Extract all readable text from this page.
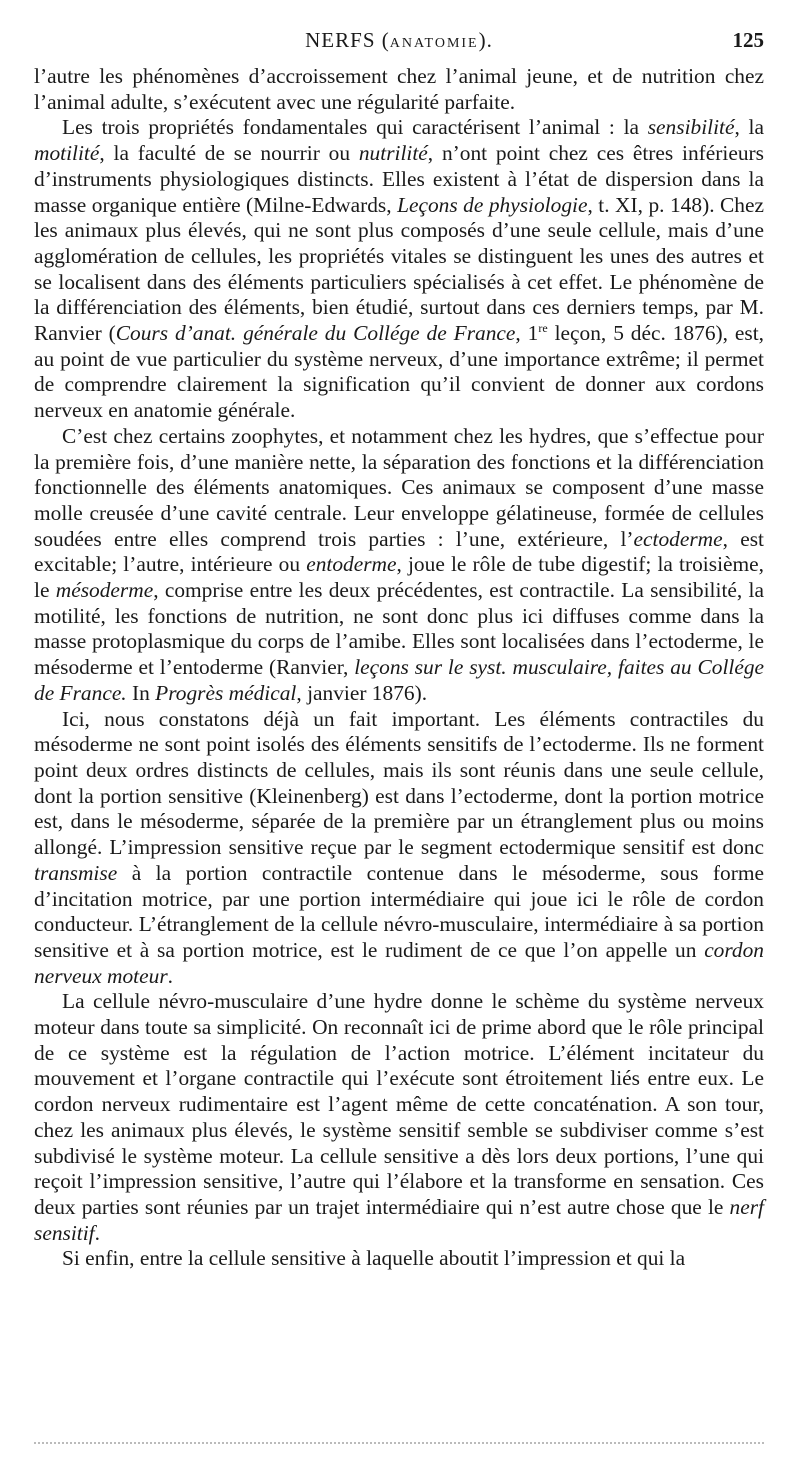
NERFS (ANATOMIE).	125

l’autre les phénomènes d’accroissement chez l’animal jeune, et de nutrition chez l’animal adulte, s’exécutent avec une régularité parfaite.

Les trois propriétés fondamentales qui caractérisent l’animal : la sensibilité, la motilité, la faculté de se nourrir ou nutrilité, n’ont point chez ces êtres inférieurs d’instruments physiologiques distincts. Elles existent à l’état de dispersion dans la masse organique entière (Milne-Edwards, Leçons de physiologie, t. XI, p. 148). Chez les animaux plus élevés, qui ne sont plus composés d’une seule cellule, mais d’une agglomération de cellules, les propriétés vitales se distinguent les unes des autres et se localisent dans des éléments particuliers spécialisés à cet effet. Le phénomène de la différenciation des éléments, bien étudié, surtout dans ces derniers temps, par M. Ranvier (Cours d’anat. générale du Collége de France, 1re leçon, 5 déc. 1876), est, au point de vue particulier du système nerveux, d’une importance extrême; il permet de comprendre clairement la signification qu’il convient de donner aux cordons nerveux en anatomie générale.

C’est chez certains zoophytes, et notamment chez les hydres, que s’effectue pour la première fois, d’une manière nette, la séparation des fonctions et la différenciation fonctionnelle des éléments anatomiques. Ces animaux se composent d’une masse molle creusée d’une cavité centrale. Leur enveloppe gélatineuse, formée de cellules soudées entre elles comprend trois parties : l’une, extérieure, l’ectoderme, est excitable; l’autre, intérieure ou entoderme, joue le rôle de tube digestif; la troisième, le mésoderme, comprise entre les deux précédentes, est contractile. La sensibilité, la motilité, les fonctions de nutrition, ne sont donc plus ici diffuses comme dans la masse protoplasmique du corps de l’amibe. Elles sont localisées dans l’ectoderme, le mésoderme et l’entoderme (Ranvier, leçons sur le syst. musculaire, faites au Collége de France. In Progrès médical, janvier 1876).

Ici, nous constatons déjà un fait important. Les éléments contractiles du mésoderme ne sont point isolés des éléments sensitifs de l’ectoderme. Ils ne forment point deux ordres distincts de cellules, mais ils sont réunis dans une seule cellule, dont la portion sensitive (Kleinenberg) est dans l’ectoderme, dont la portion motrice est, dans le mésoderme, séparée de la première par un étranglement plus ou moins allongé. L’impression sensitive reçue par le segment ectodermique sensitif est donc transmise à la portion contractile contenue dans le mésoderme, sous forme d’incitation motrice, par une portion intermédiaire qui joue ici le rôle de cordon conducteur. L’étranglement de la cellule névro-musculaire, intermédiaire à sa portion sensitive et à sa portion motrice, est le rudiment de ce que l’on appelle un cordon nerveux moteur.

La cellule névro-musculaire d’une hydre donne le schème du système nerveux moteur dans toute sa simplicité. On reconnaît ici de prime abord que le rôle principal de ce système est la régulation de l’action motrice. L’élément incitateur du mouvement et l’organe contractile qui l’exécute sont étroitement liés entre eux. Le cordon nerveux rudimentaire est l’agent même de cette concaténation. A son tour, chez les animaux plus élevés, le système sensitif semble se subdiviser comme s’est subdivisé le système moteur. La cellule sensitive a dès lors deux portions, l’une qui reçoit l’impression sensitive, l’autre qui l’élabore et la transforme en sensation. Ces deux parties sont réunies par un trajet intermédiaire qui n’est autre chose que le nerf sensitif.

Si enfin, entre la cellule sensitive à laquelle aboutit l’impression et qui la
